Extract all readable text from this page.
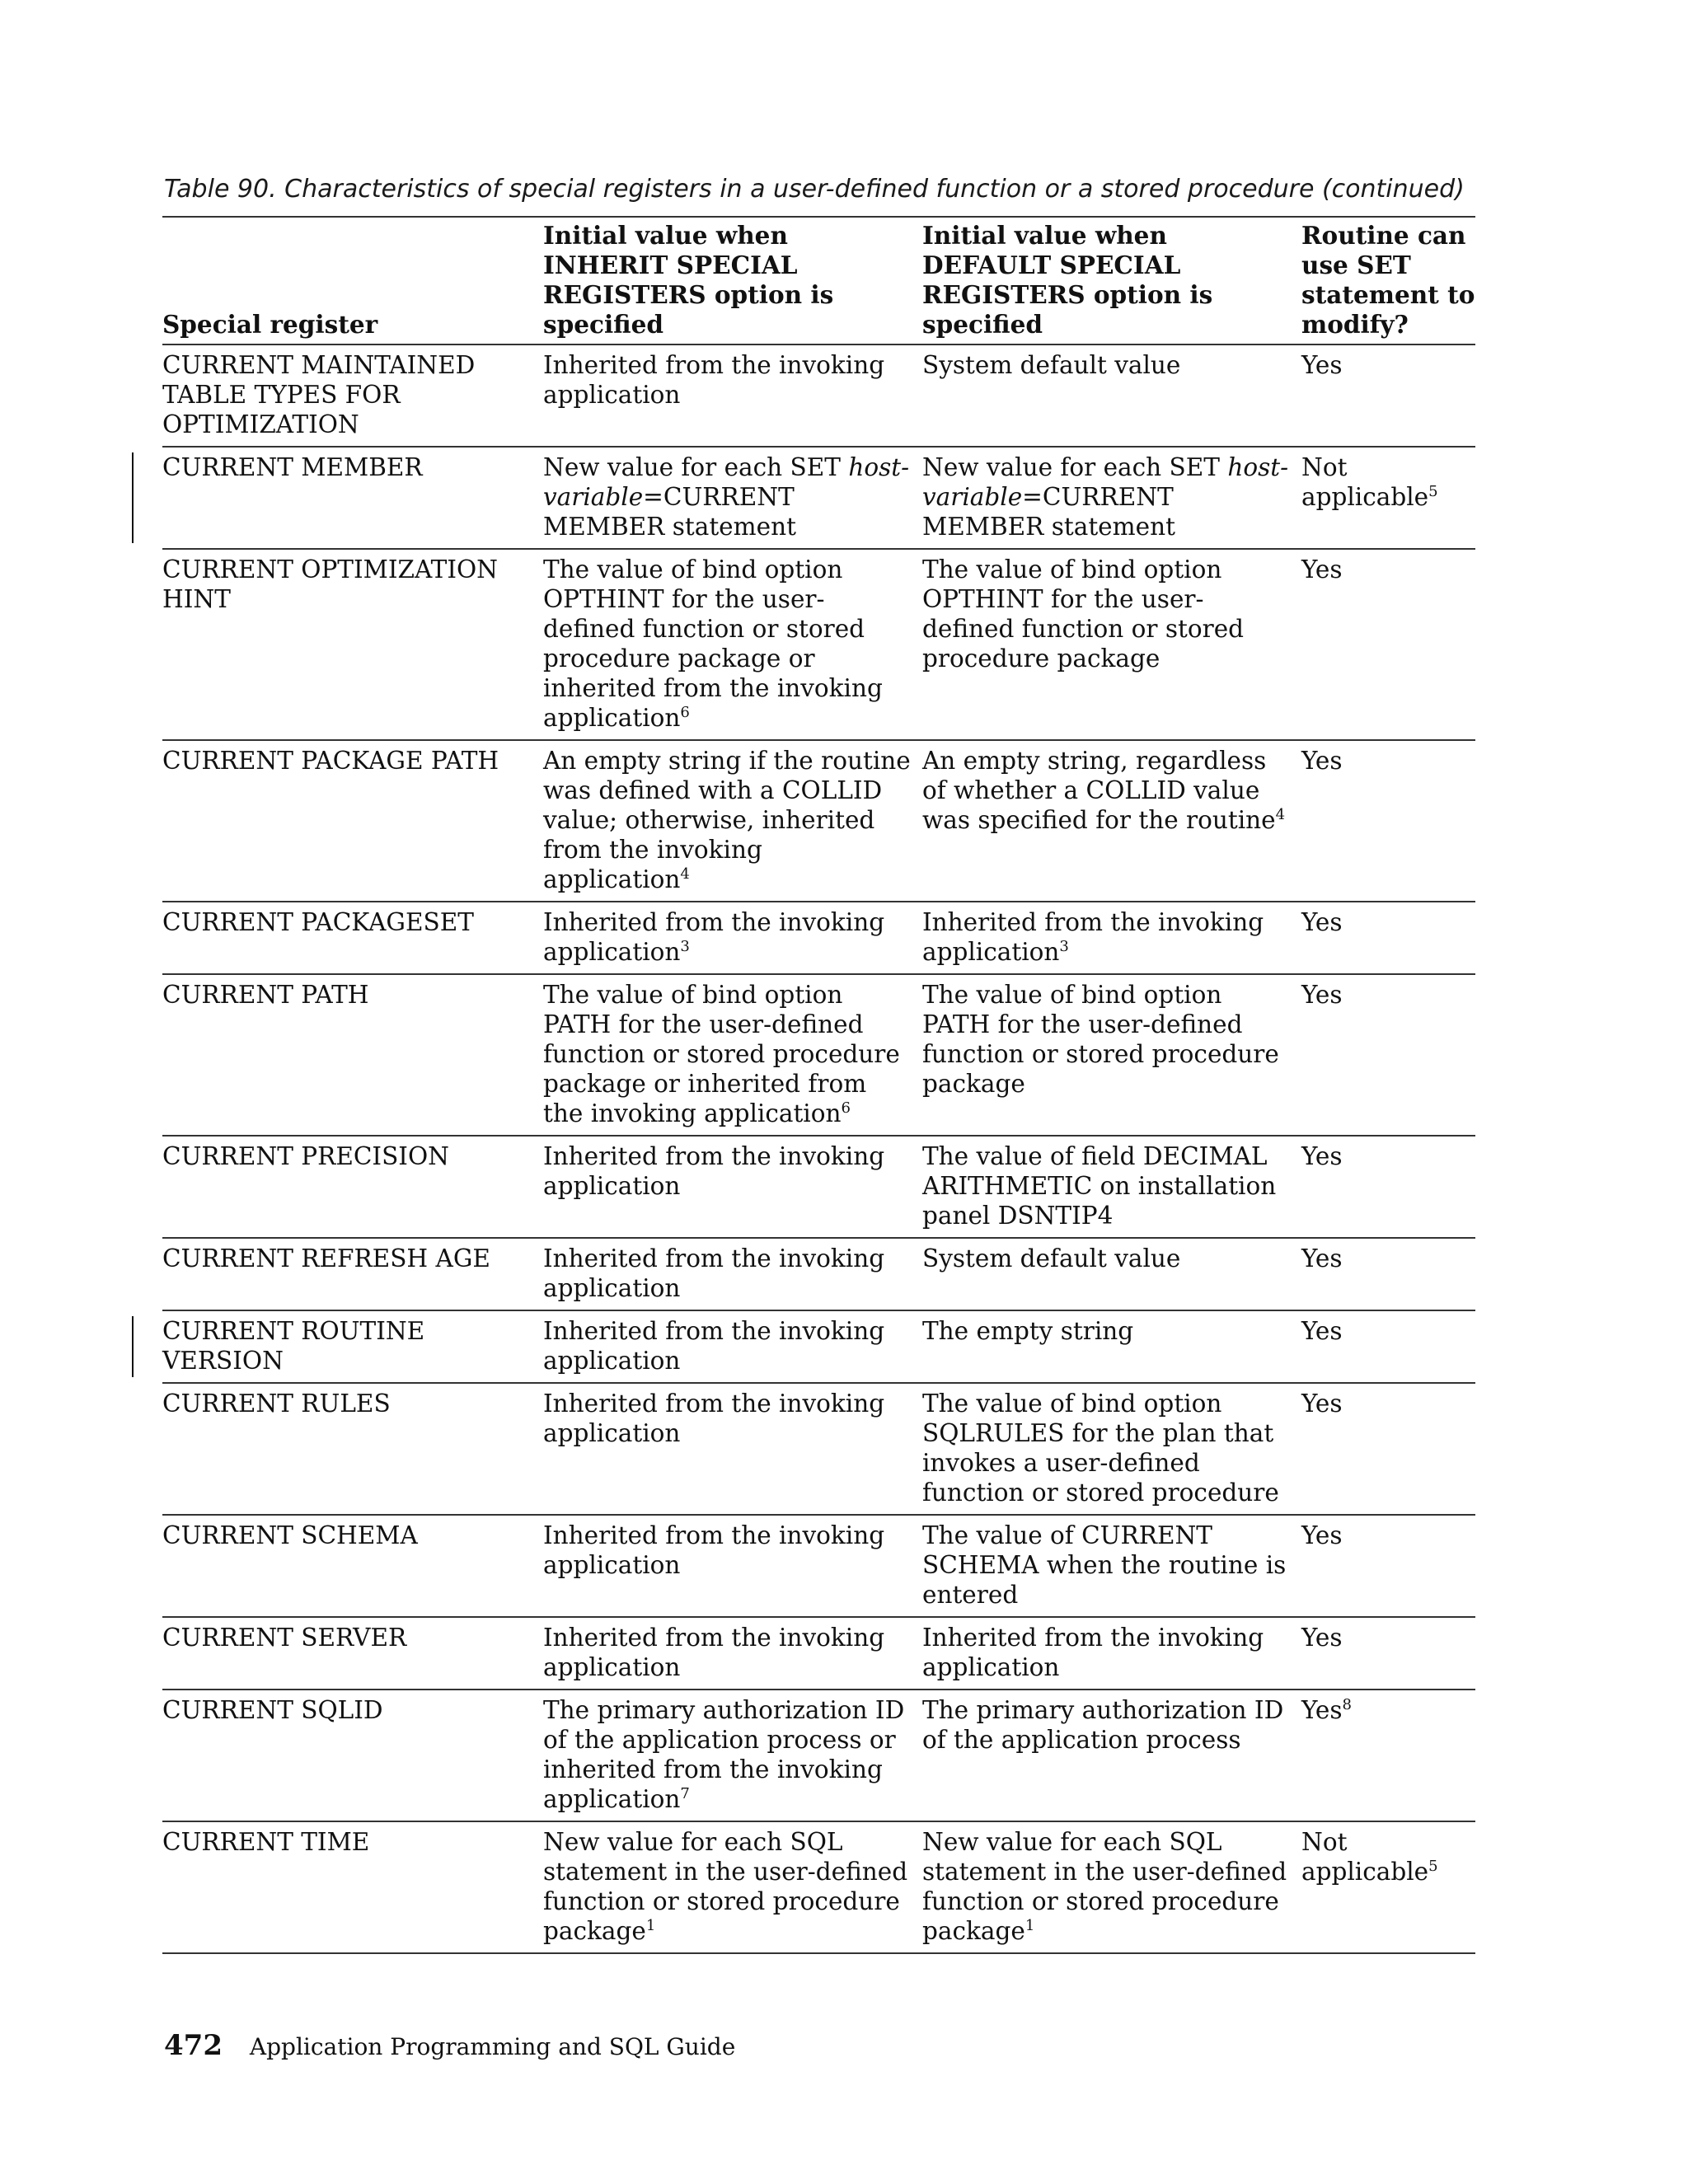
Table 90. Characteristics of special registers in a user-defined function or a stored procedure (continued)
Special register	Initial value when INHERIT SPECIAL REGISTERS option is specified	Initial value when DEFAULT SPECIAL REGISTERS option is specified	Routine can use SET statement to modify?
CURRENT MAINTAINED TABLE TYPES FOR OPTIMIZATION	Inherited from the invoking application	System default value	Yes
CURRENT MEMBER	New value for each SET host-variable=CURRENT MEMBER statement	New value for each SET host-variable=CURRENT MEMBER statement	Not applicable$^5$
CURRENT OPTIMIZATION HINT	The value of bind option OPTHINT for the user-defined function or stored procedure package or inherited from the invoking application$^6$	The value of bind option OPTHINT for the user-defined function or stored procedure package	Yes
CURRENT PACKAGE PATH	An empty string if the routine was defined with a COLLID value; otherwise, inherited from the invoking application$^4$	An empty string, regardless of whether a COLLID value was specified for the routine$^4$	Yes
CURRENT PACKAGESET	Inherited from the invoking application$^3$	Inherited from the invoking application$^3$	Yes
CURRENT PATH	The value of bind option PATH for the user-defined function or stored procedure package or inherited from the invoking application$^6$	The value of bind option PATH for the user-defined function or stored procedure package	Yes
CURRENT PRECISION	Inherited from the invoking application	The value of field DECIMAL ARITHMETIC on installation panel DSNTIP4	Yes
CURRENT REFRESH AGE	Inherited from the invoking application	System default value	Yes
CURRENT ROUTINE VERSION	Inherited from the invoking application	The empty string	Yes
CURRENT RULES	Inherited from the invoking application	The value of bind option SQLRULES for the plan that invokes a user-defined function or stored procedure	Yes
CURRENT SCHEMA	Inherited from the invoking application	The value of CURRENT SCHEMA when the routine is entered	Yes
CURRENT SERVER	Inherited from the invoking application	Inherited from the invoking application	Yes
CURRENT SQLID	The primary authorization ID of the application process or inherited from the invoking application$^7$	The primary authorization ID of the application process	Yes$^8$
CURRENT TIME	New value for each SQL statement in the user-defined function or stored procedure package$^1$	New value for each SQL statement in the user-defined function or stored procedure package$^1$	Not applicable$^5$
472 Application Programming and SQL Guide
